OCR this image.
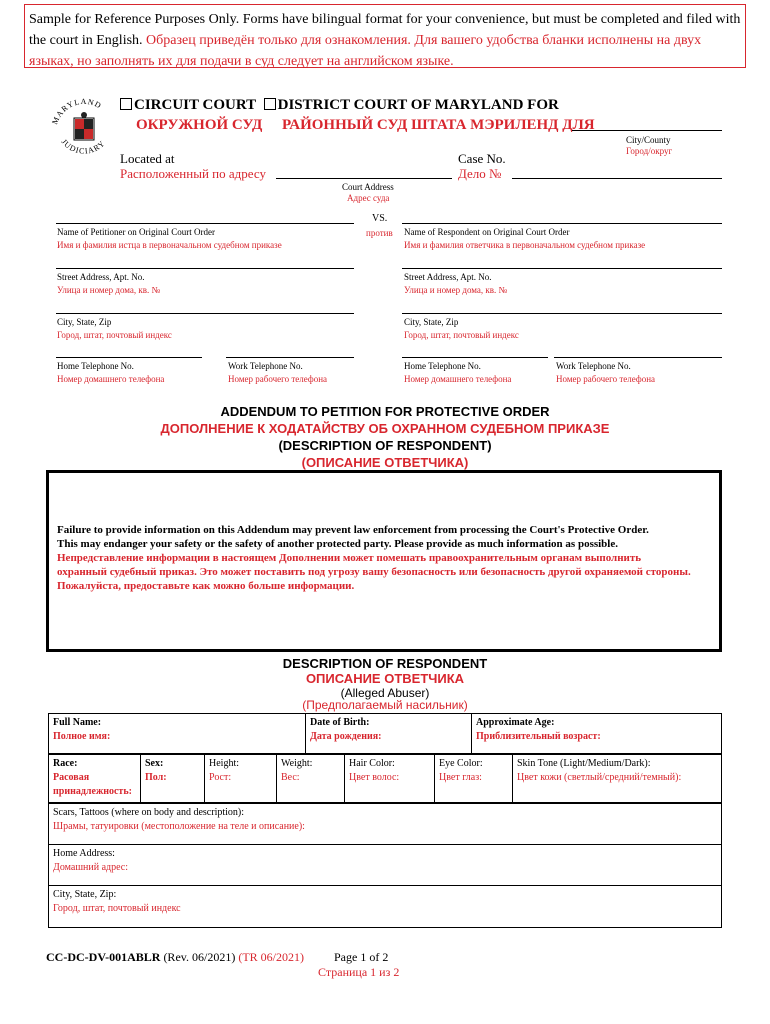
Sample for Reference Purposes Only. Forms have bilingual format for your convenience, but must be completed and filed with the court in English. Образец приведён только для ознакомления. Для вашего удобства бланки исполнены на двух языках, но заполнять их для подачи в суд следует на английском языке.
MARYLAND
JUDICIARY
CIRCUIT COURT DISTRICT COURT OF MARYLAND FOR
ОКРУЖНОЙ СУД РАЙОННЫЙ СУД ШТАТА МЭРИЛЕНД ДЛЯ
City/County
Город/округ
Located at
Расположенный по адресу
Case No.
Дело №
Court Address
Адрес суда
VS.
против
Name of Petitioner on Original Court Order
Имя и фамилия истца в первоначальном судебном приказе
Street Address, Apt. No.
Улица и номер дома, кв. №
City, State, Zip
Город, штат, почтовый индекс
Home Telephone No.
Номер домашнего телефона
Work Telephone No.
Номер рабочего телефона
Name of Respondent on Original Court Order
Имя и фамилия ответчика в первоначальном судебном приказе
Street Address, Apt. No.
Улица и номер дома, кв. №
City, State, Zip
Город, штат, почтовый индекс
Home Telephone No.
Номер домашнего телефона
Work Telephone No.
Номер рабочего телефона
ADDENDUM TO PETITION FOR PROTECTIVE ORDER
ДОПОЛНЕНИЕ К ХОДАТАЙСТВУ ОБ ОХРАННОМ СУДЕБНОМ ПРИКАЗЕ
(DESCRIPTION OF RESPONDENT)
(ОПИСАНИЕ ОТВЕТЧИКА)
Failure to provide information on this Addendum may prevent law enforcement from processing the Court's Protective Order.
This may endanger your safety or the safety of another protected party. Please provide as much information as possible.
Непредставление информации в настоящем Дополнении может помешать правоохранительным органам выполнить охранный судебный приказ. Это может поставить под угрозу вашу безопасность или безопасность другой охраняемой стороны. Пожалуйста, предоставьте как можно больше информации.
DESCRIPTION OF RESPONDENT
ОПИСАНИЕ ОТВЕТЧИКА
(Alleged Abuser)
(Предполагаемый насильник)
Full Name:
Полное имя:

Date of Birth:
Дата рождения:

Approximate Age:
Приблизительный возраст:
Race:
Расовая принадлежность:

Sex:
Пол:

Height:
Рост:

Weight:
Вес:

Hair Color:
Цвет волос:

Eye Color:
Цвет глаз:

Skin Tone (Light/Medium/Dark):
Цвет кожи (светлый/средний/темный):
Scars, Tattoos (where on body and description):
Шрамы, татуировки (местоположение на теле и описание):

Home Address:
Домашний адрес:

City, State, Zip:
Город, штат, почтовый индекс
CC-DC-DV-001ABLR (Rev. 06/2021) (TR 06/2021)	Page 1 of 2
Страница 1 из 2
